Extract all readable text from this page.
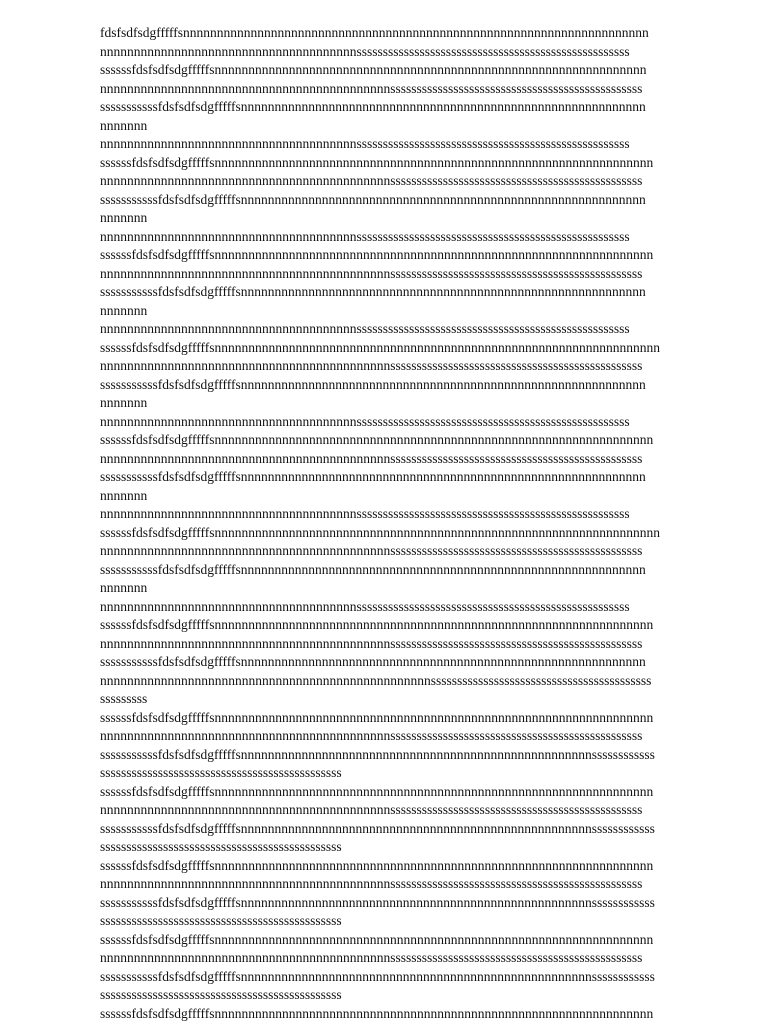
fdsfsdfsdgfffffsnnnnnnnnnnnnnnnnnnnnnnnnnnnnnnnnnnnnnnnnnnnnnnnnnnnnnnnnnnnnnnnnnnnnn
nnnnnnnnnnnnnnnnnnnnnnnnnnnnnnnnnnnnnnssssssssssssssssssssssssssssssssssssssssssssssssssss
ssssssfdsfsdfsdgfffffsnnnnnnnnnnnnnnnnnnnnnnnnnnnnnnnnnnnnnnnnnnnnnnnnnnnnnnnnnnnnnnnn
nnnnnnnnnnnnnnnnnnnnnnnnnnnnnnnnnnnnnnnnnnnssssssssssssssssssssssssssssssssssssssssssssssss
sssssssssssfdsfsdfsdgfffffsnnnnnnnnnnnnnnnnnnnnnnnnnnnnnnnnnnnnnnnnnnnnnnnnnnnnnnnnnnnn
nnnnnnn
nnnnnnnnnnnnnnnnnnnnnnnnnnnnnnnnnnnnnnssssssssssssssssssssssssssssssssssssssssssssssssssss
ssssssfdsfsdfsdgfffffsnnnnnnnnnnnnnnnnnnnnnnnnnnnnnnnnnnnnnnnnnnnnnnnnnnnnnnnnnnnnnnnnn
nnnnnnnnnnnnnnnnnnnnnnnnnnnnnnnnnnnnnnnnnnnssssssssssssssssssssssssssssssssssssssssssssssss
sssssssssssfdsfsdfsdgfffffsnnnnnnnnnnnnnnnnnnnnnnnnnnnnnnnnnnnnnnnnnnnnnnnnnnnnnnnnnnnn
nnnnnnn
nnnnnnnnnnnnnnnnnnnnnnnnnnnnnnnnnnnnnnssssssssssssssssssssssssssssssssssssssssssssssssssss
ssssssfdsfsdfsdgfffffsnnnnnnnnnnnnnnnnnnnnnnnnnnnnnnnnnnnnnnnnnnnnnnnnnnnnnnnnnnnnnnnnn
nnnnnnnnnnnnnnnnnnnnnnnnnnnnnnnnnnnnnnnnnnnssssssssssssssssssssssssssssssssssssssssssssssss
sssssssssssfdsfsdfsdgfffffsnnnnnnnnnnnnnnnnnnnnnnnnnnnnnnnnnnnnnnnnnnnnnnnnnnnnnnnnnnnn
nnnnnnn
nnnnnnnnnnnnnnnnnnnnnnnnnnnnnnnnnnnnnnssssssssssssssssssssssssssssssssssssssssssssssssssss
ssssssfdsfsdfsdgfffffsnnnnnnnnnnnnnnnnnnnnnnnnnnnnnnnnnnnnnnnnnnnnnnnnnnnnnnnnnnnnnnnnnn
nnnnnnnnnnnnnnnnnnnnnnnnnnnnnnnnnnnnnnnnnnnssssssssssssssssssssssssssssssssssssssssssssssss
sssssssssssfdsfsdfsdgfffffsnnnnnnnnnnnnnnnnnnnnnnnnnnnnnnnnnnnnnnnnnnnnnnnnnnnnnnnnnnnn
nnnnnnn
nnnnnnnnnnnnnnnnnnnnnnnnnnnnnnnnnnnnnnssssssssssssssssssssssssssssssssssssssssssssssssssss
ssssssfdsfsdfsdgfffffsnnnnnnnnnnnnnnnnnnnnnnnnnnnnnnnnnnnnnnnnnnnnnnnnnnnnnnnnnnnnnnnnn
nnnnnnnnnnnnnnnnnnnnnnnnnnnnnnnnnnnnnnnnnnnssssssssssssssssssssssssssssssssssssssssssssssss
sssssssssssfdsfsdfsdgfffffsnnnnnnnnnnnnnnnnnnnnnnnnnnnnnnnnnnnnnnnnnnnnnnnnnnnnnnnnnnnn
nnnnnnn
nnnnnnnnnnnnnnnnnnnnnnnnnnnnnnnnnnnnnnssssssssssssssssssssssssssssssssssssssssssssssssssss
ssssssfdsfsdfsdgfffffsnnnnnnnnnnnnnnnnnnnnnnnnnnnnnnnnnnnnnnnnnnnnnnnnnnnnnnnnnnnnnnnnnn
nnnnnnnnnnnnnnnnnnnnnnnnnnnnnnnnnnnnnnnnnnnssssssssssssssssssssssssssssssssssssssssssssssss
sssssssssssfdsfsdfsdgfffffsnnnnnnnnnnnnnnnnnnnnnnnnnnnnnnnnnnnnnnnnnnnnnnnnnnnnnnnnnnnn
nnnnnnn
nnnnnnnnnnnnnnnnnnnnnnnnnnnnnnnnnnnnnnssssssssssssssssssssssssssssssssssssssssssssssssssss
ssssssfdsfsdfsdgfffffsnnnnnnnnnnnnnnnnnnnnnnnnnnnnnnnnnnnnnnnnnnnnnnnnnnnnnnnnnnnnnnnnn
nnnnnnnnnnnnnnnnnnnnnnnnnnnnnnnnnnnnnnnnnnnssssssssssssssssssssssssssssssssssssssssssssssss
sssssssssssfdsfsdfsdgfffffsnnnnnnnnnnnnnnnnnnnnnnnnnnnnnnnnnnnnnnnnnnnnnnnnnnnnnnnnnnnn
nnnnnnnnnnnnnnnnnnnnnnnnnnnnnnnnnnnnnnnnnnnnnnnnnssssssssssssssssssssssssssssssssssssssssss
sssssssss
ssssssfdsfsdfsdgfffffsnnnnnnnnnnnnnnnnnnnnnnnnnnnnnnnnnnnnnnnnnnnnnnnnnnnnnnnnnnnnnnnnn
nnnnnnnnnnnnnnnnnnnnnnnnnnnnnnnnnnnnnnnnnnnssssssssssssssssssssssssssssssssssssssssssssssss
sssssssssssfdsfsdfsdgfffffsnnnnnnnnnnnnnnnnnnnnnnnnnnnnnnnnnnnnnnnnnnnnnnnnnnnnssssssssssss
ssssssssssssssssssssssssssssssssssssssssssssss
ssssssfdsfsdfsdgfffffsnnnnnnnnnnnnnnnnnnnnnnnnnnnnnnnnnnnnnnnnnnnnnnnnnnnnnnnnnnnnnnnnn
nnnnnnnnnnnnnnnnnnnnnnnnnnnnnnnnnnnnnnnnnnnssssssssssssssssssssssssssssssssssssssssssssssss
sssssssssssfdsfsdfsdgfffffsnnnnnnnnnnnnnnnnnnnnnnnnnnnnnnnnnnnnnnnnnnnnnnnnnnnnssssssssssss
ssssssssssssssssssssssssssssssssssssssssssssss
ssssssfdsfsdfsdgfffffsnnnnnnnnnnnnnnnnnnnnnnnnnnnnnnnnnnnnnnnnnnnnnnnnnnnnnnnnnnnnnnnnn
nnnnnnnnnnnnnnnnnnnnnnnnnnnnnnnnnnnnnnnnnnnssssssssssssssssssssssssssssssssssssssssssssssss
sssssssssssfdsfsdfsdgfffffsnnnnnnnnnnnnnnnnnnnnnnnnnnnnnnnnnnnnnnnnnnnnnnnnnnnnssssssssssss
ssssssssssssssssssssssssssssssssssssssssssssss
ssssssfdsfsdfsdgfffffsnnnnnnnnnnnnnnnnnnnnnnnnnnnnnnnnnnnnnnnnnnnnnnnnnnnnnnnnnnnnnnnnn
nnnnnnnnnnnnnnnnnnnnnnnnnnnnnnnnnnnnnnnnnnnssssssssssssssssssssssssssssssssssssssssssssssss
sssssssssssfdsfsdfsdgfffffsnnnnnnnnnnnnnnnnnnnnnnnnnnnnnnnnnnnnnnnnnnnnnnnnnnnnssssssssssss
ssssssssssssssssssssssssssssssssssssssssssssss
ssssssfdsfsdfsdgfffffsnnnnnnnnnnnnnnnnnnnnnnnnnnnnnnnnnnnnnnnnnnnnnnnnnnnnnnnnnnnnnnnnn
